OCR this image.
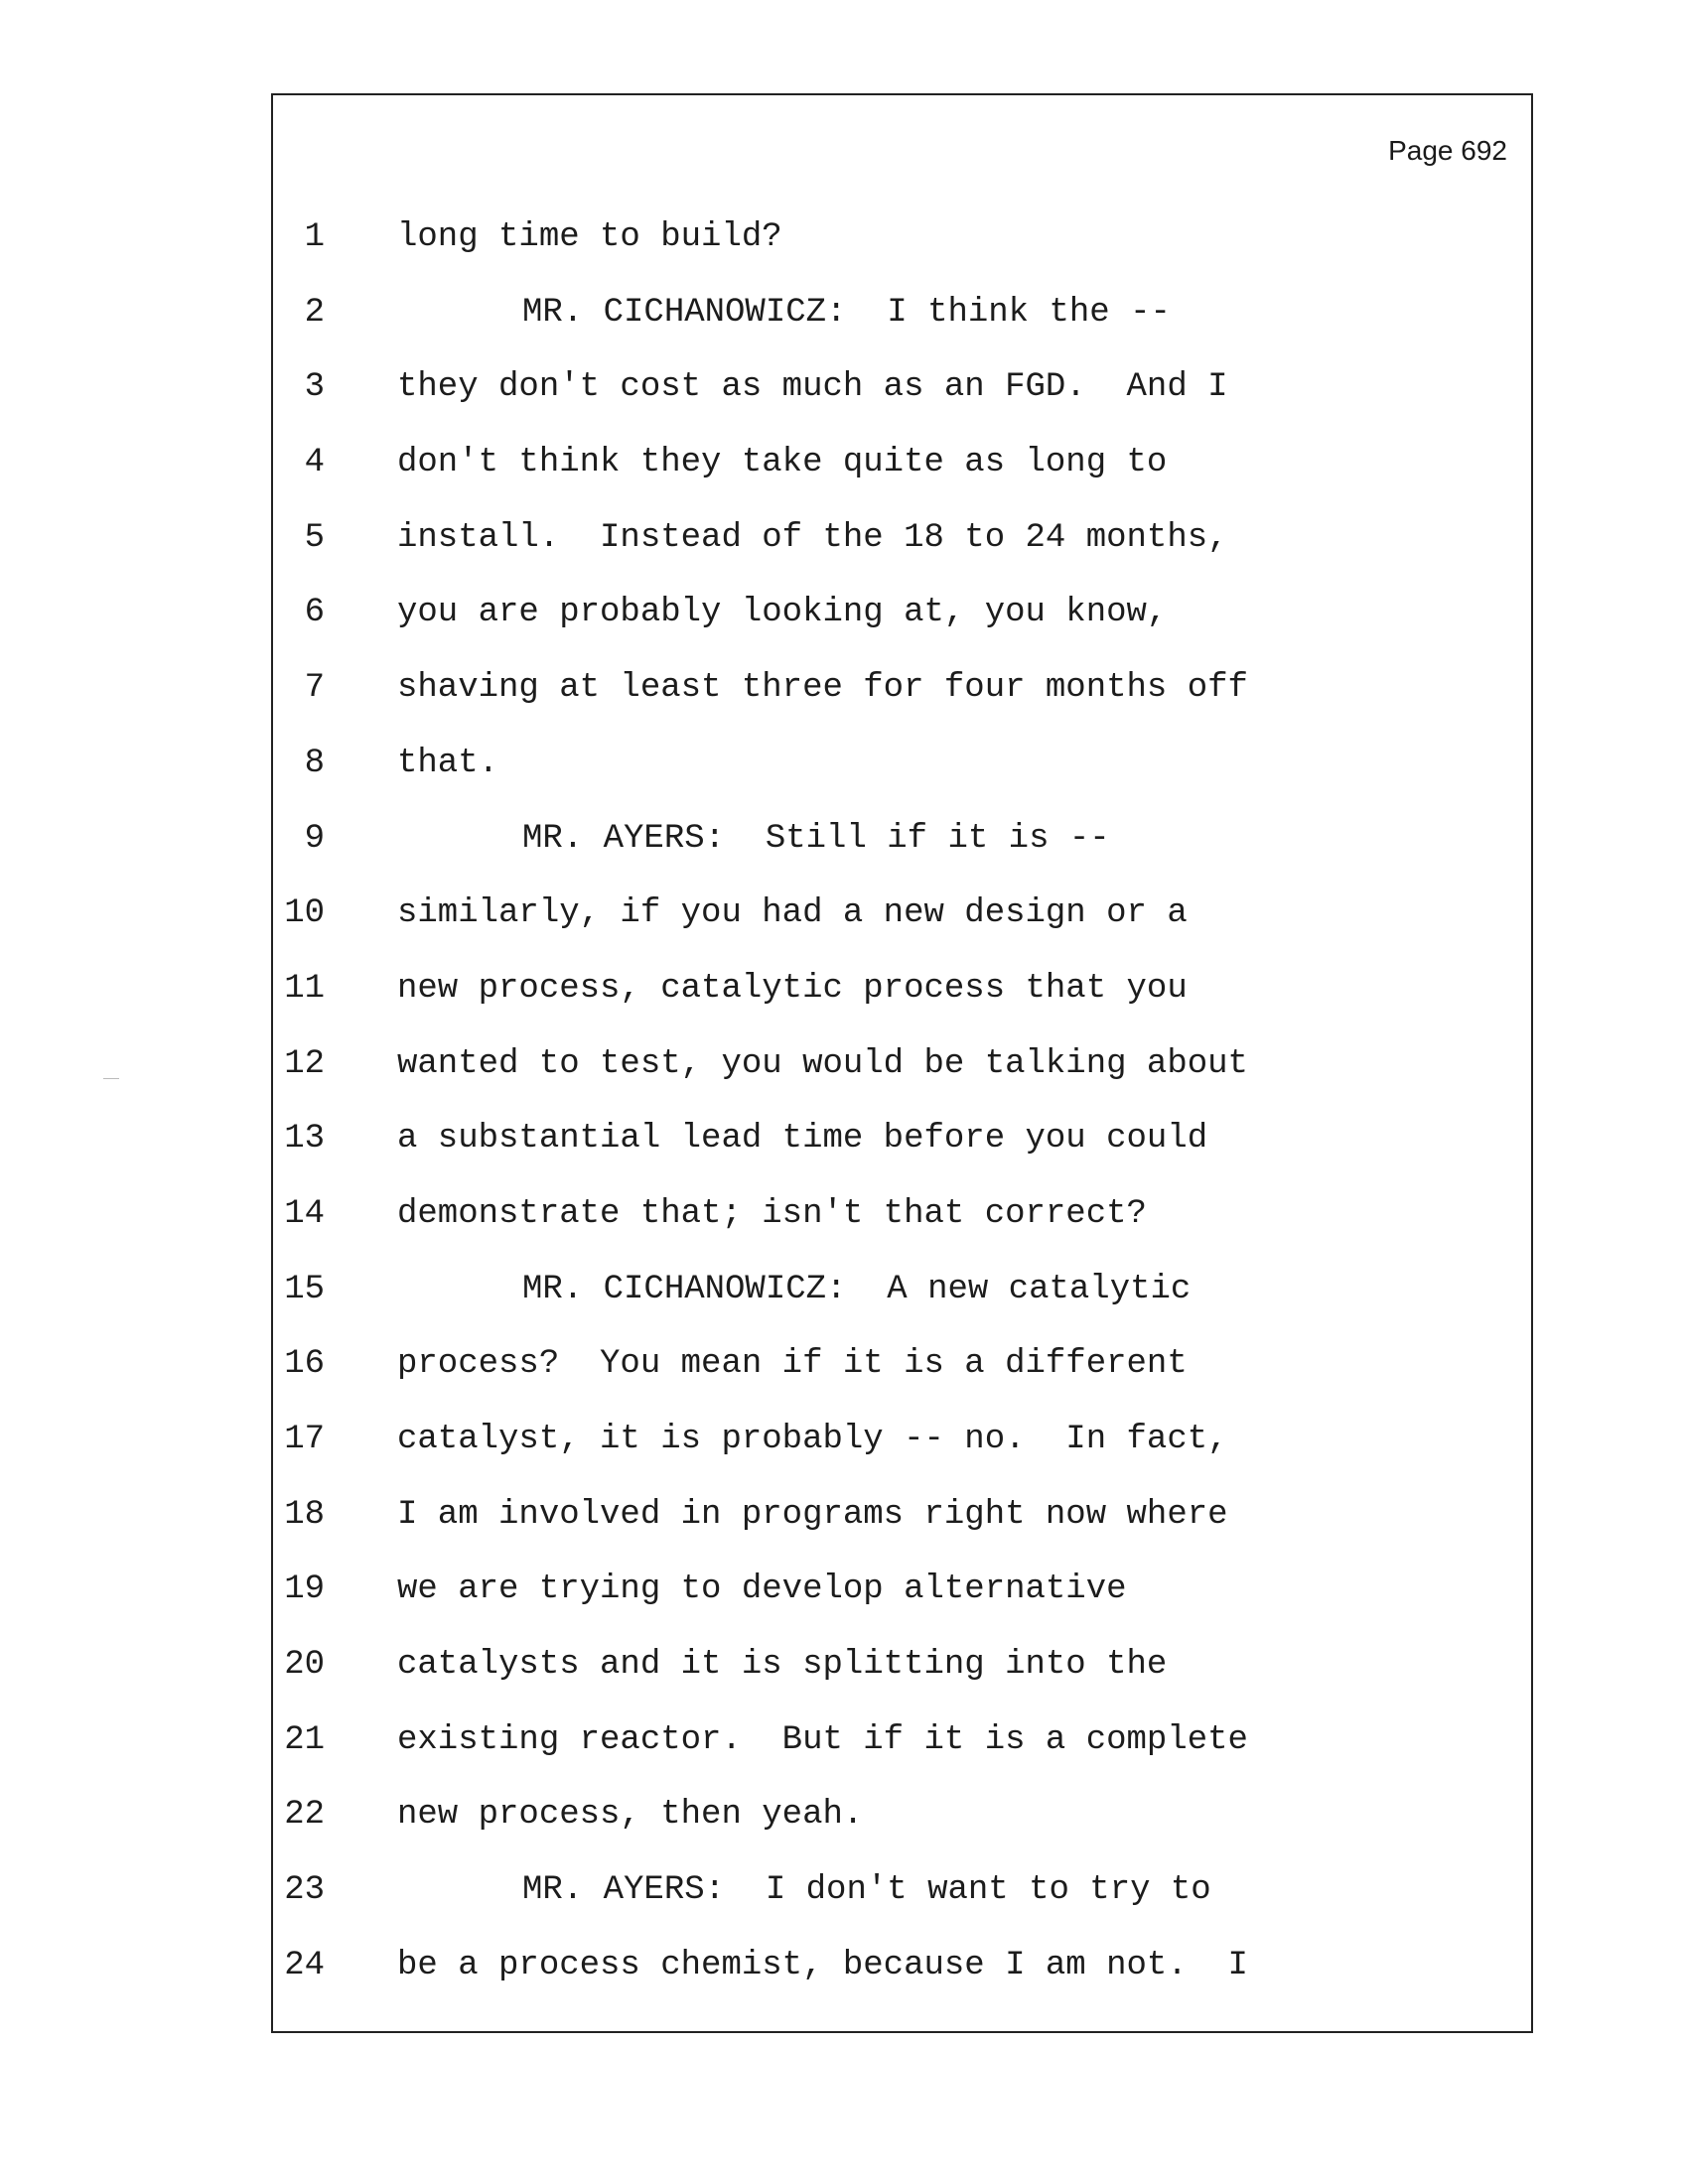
Page 692
1 long time to build?
2	MR. CICHANOWICZ:  I think the --
3 they don't cost as much as an FGD.  And I
4 don't think they take quite as long to
5 install.  Instead of the 18 to 24 months,
6 you are probably looking at, you know,
7 shaving at least three for four months off
8 that.
9	MR. AYERS:  Still if it is --
10 similarly, if you had a new design or a
11 new process, catalytic process that you
12 wanted to test, you would be talking about
13 a substantial lead time before you could
14 demonstrate that; isn't that correct?
15	MR. CICHANOWICZ:  A new catalytic
16 process?  You mean if it is a different
17 catalyst, it is probably -- no.  In fact,
18 I am involved in programs right now where
19 we are trying to develop alternative
20 catalysts and it is splitting into the
21 existing reactor.  But if it is a complete
22 new process, then yeah.
23	MR. AYERS:  I don't want to try to
24 be a process chemist, because I am not.  I
